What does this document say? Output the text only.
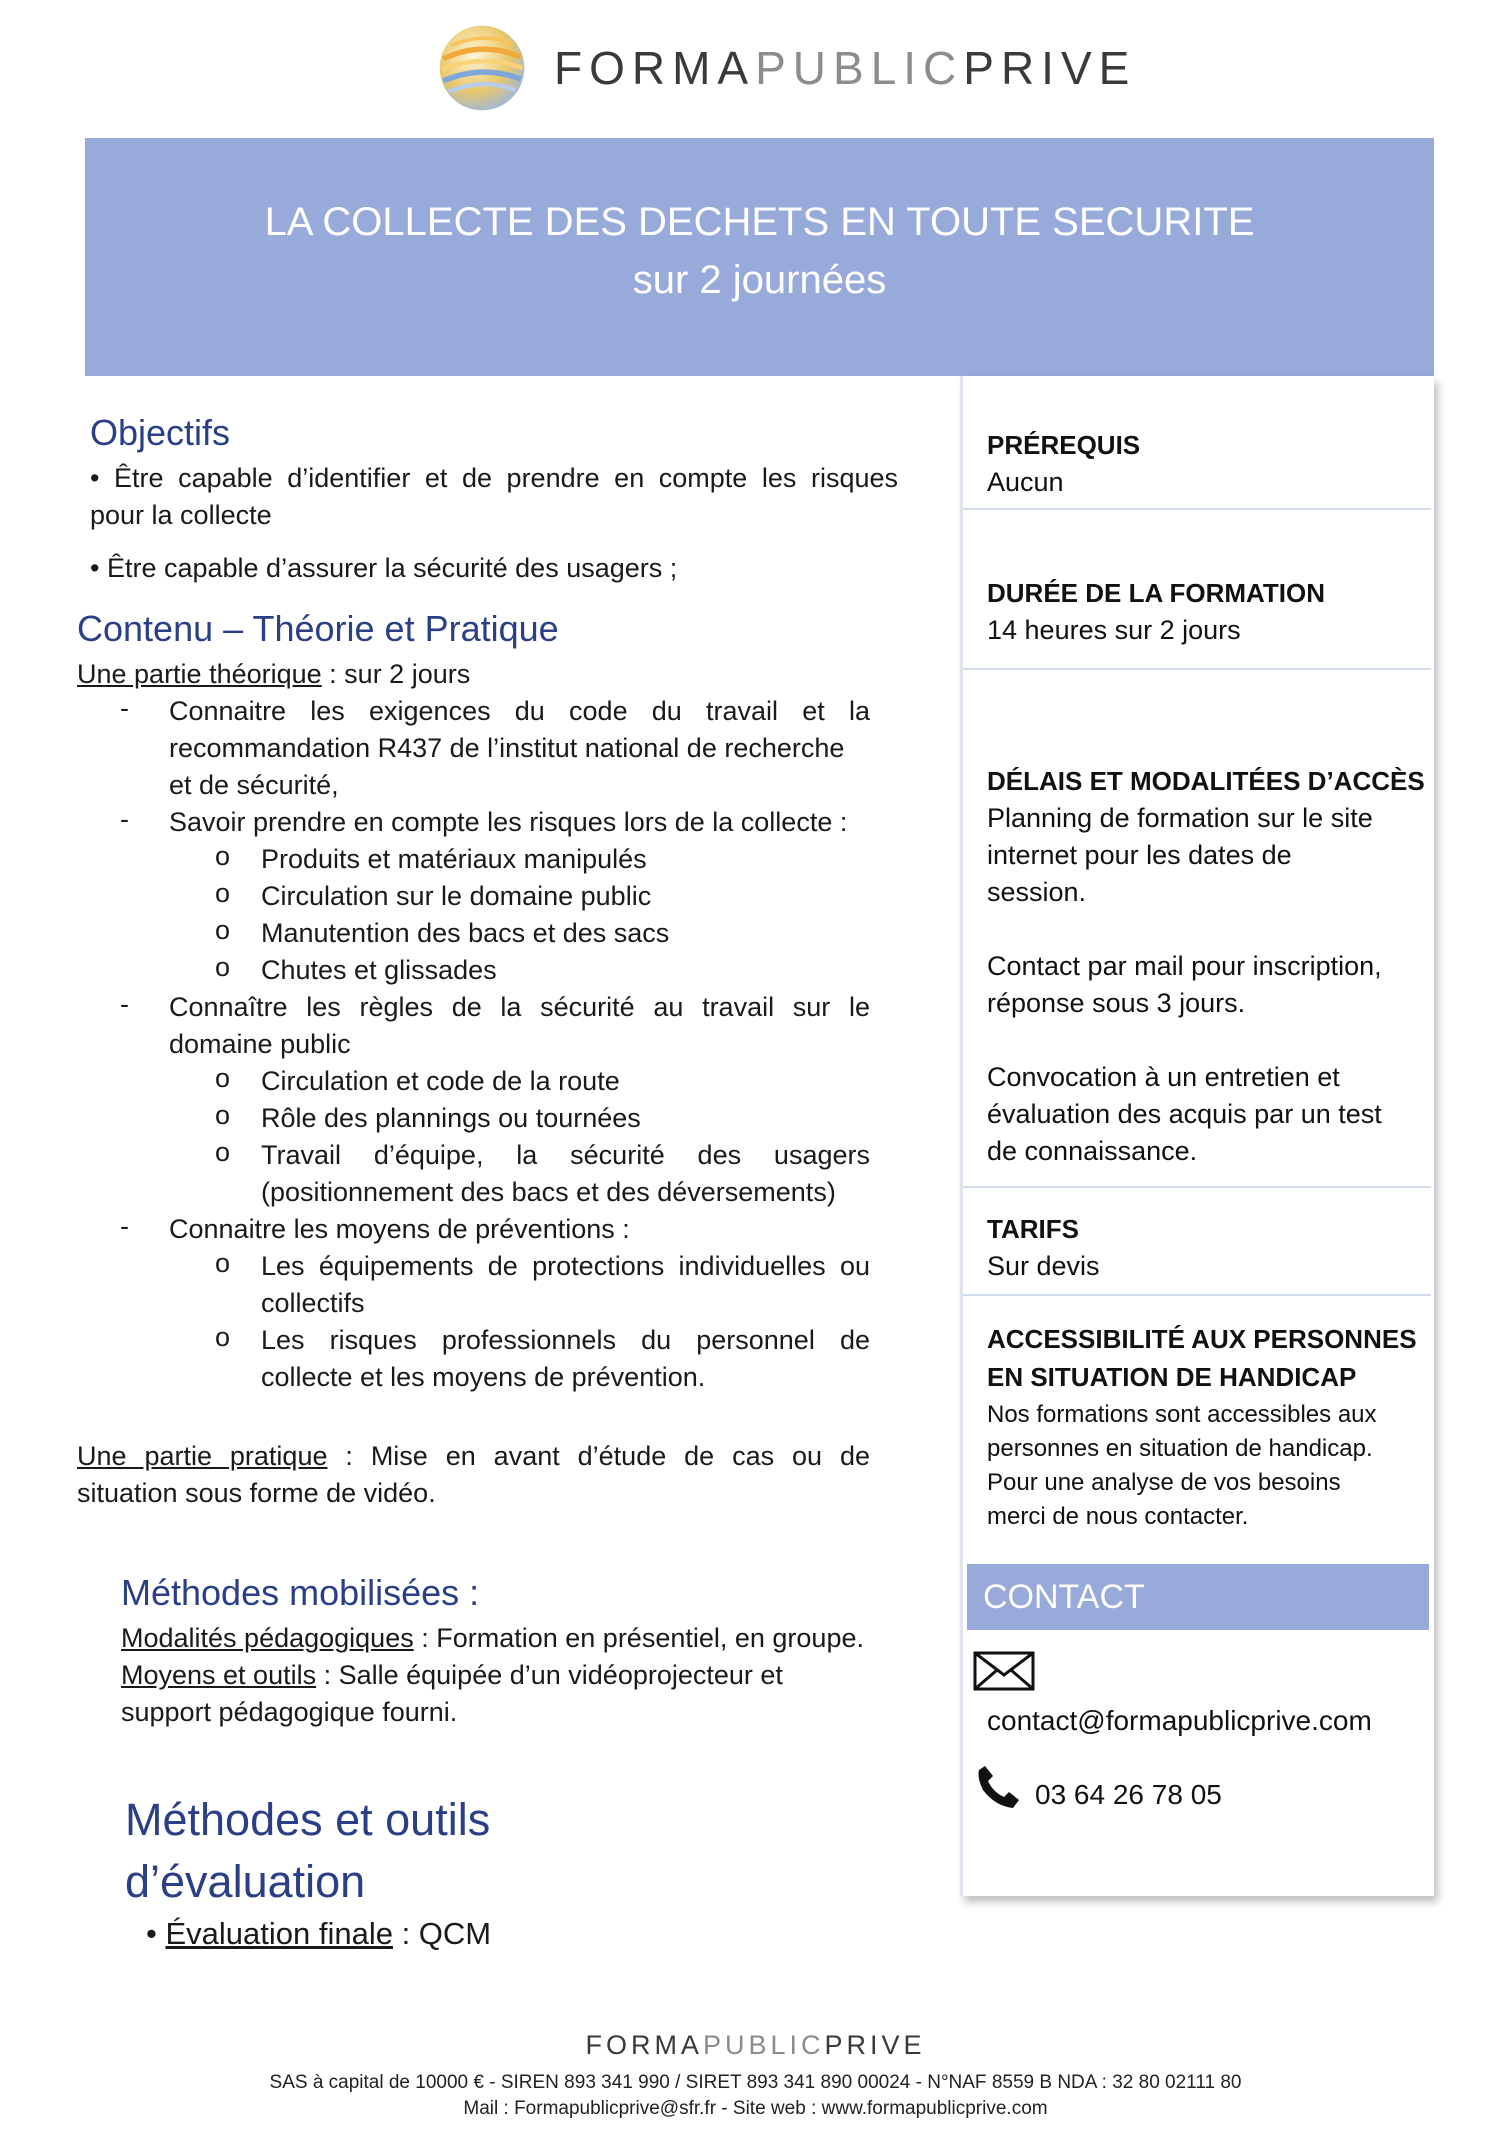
FORMAPUBLICPRIVE
LA COLLECTE DES DECHETS EN TOUTE SECURITE
sur 2 journées
Objectifs
• Être capable d’identifier et de prendre en compte les risques
pour la collecte
• Être capable d’assurer la sécurité des usagers ;
Contenu – Théorie et Pratique
Une partie théorique : sur 2 jours
- Connaitre les exigences du code du travail et la
recommandation R437 de l’institut national de recherche
et de sécurité,
- Savoir prendre en compte les risques lors de la collecte :
o Produits et matériaux manipulés
o Circulation sur le domaine public
o Manutention des bacs et des sacs
o Chutes et glissades
- Connaître les règles de la sécurité au travail sur le
domaine public
o Circulation et code de la route
o Rôle des plannings ou tournées
o Travail d’équipe, la sécurité des usagers
(positionnement des bacs et des déversements)
- Connaitre les moyens de préventions :
o Les équipements de protections individuelles ou
collectifs
o Les risques professionnels du personnel de
collecte et les moyens de prévention.
Une partie pratique : Mise en avant d’étude de cas ou de
situation sous forme de vidéo.
Méthodes mobilisées :
Modalités pédagogiques : Formation en présentiel, en groupe.
Moyens et outils : Salle équipée d’un vidéoprojecteur et
support pédagogique fourni.
Méthodes et outils
d’évaluation
• Évaluation finale : QCM
PRÉREQUIS
Aucun
DURÉE DE LA FORMATION
14 heures sur 2 jours
DÉLAIS ET MODALITÉES D’ACCÈS
Planning de formation sur le site
internet pour les dates de
session.
Contact par mail pour inscription,
réponse sous 3 jours.
Convocation à un entretien et
évaluation des acquis par un test
de connaissance.
TARIFS
Sur devis
ACCESSIBILITÉ AUX PERSONNES
EN SITUATION DE HANDICAP
Nos formations sont accessibles aux
personnes en situation de handicap.
Pour une analyse de vos besoins
merci de nous contacter.
CONTACT
contact@formapublicprive.com
03 64 26 78 05
FORMAPUBLICPRIVE
SAS à capital de 10000 € - SIREN 893 341 990 / SIRET 893 341 890 00024 - N°NAF 8559 B NDA : 32 80 02111 80
Mail : Formapublicprive@sfr.fr - Site web : www.formapublicprive.com
